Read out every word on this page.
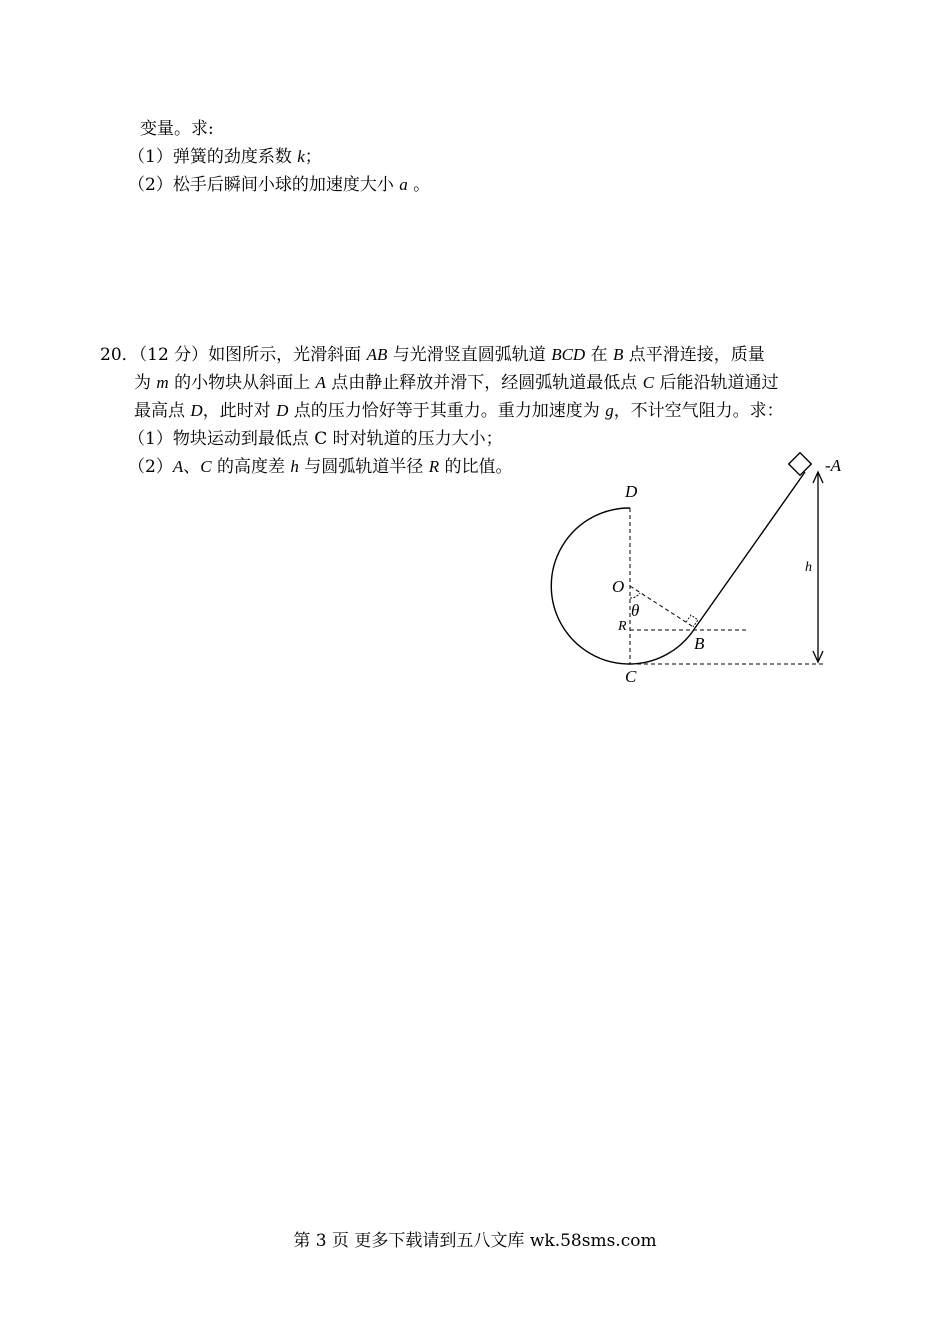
变量。求:
（1）弹簧的劲度系数 k；
（2）松手后瞬间小球的加速度大小 a 。
20．（12 分）如图所示，光滑斜面 AB 与光滑竖直圆弧轨道 BCD 在 B 点平滑连接，质量
为 m 的小物块从斜面上 A 点由静止释放并滑下，经圆弧轨道最低点 C 后能沿轨道通过
最高点 D，此时对 D 点的压力恰好等于其重力。重力加速度为 g，不计空气阻力。求：
（1）物块运动到最低点 C 时对轨道的压力大小；
（2）A、C 的高度差 h 与圆弧轨道半径 R 的比值。
D
O
θ
R
B
C
-A
h
第 3 页 更多下载请到五八文库 wk.58sms.com
